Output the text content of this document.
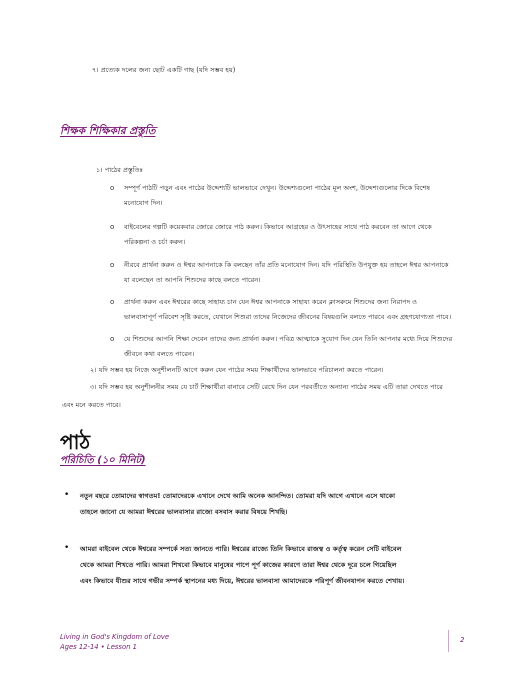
৭। প্রত্যেক দলের জন্য ছোট একটি গাছ (যদি সম্ভব হয়)
শিক্ষক শিক্ষিকার প্রস্তুতি
১। পাঠের প্রস্তুতিঃ
o সম্পূর্ণ পাঠটি পড়ুন এবং পাঠের উদ্দেশ্যটি ভালভাবে দেখুন। উদ্দেশ্যগুলো পাঠের মূল অংশ, উদ্দেশ্যগুলোর দিকে বিশেষ
মনোযোগ দিন।
o বাইবেলের গল্পটি কয়েকবার জোরে জোরে পাঠ করুন। কিভাবে আগ্রহের ও উৎসাহের সাথে পাঠ করবেন তা আগে থেকে
পরিকল্পনা ও চর্চা করুন।
o নীরবে প্রার্থনা করুন ও ঈশ্বর আপনাকে কি বলছেন তাঁর প্রতি মনোযোগ দিন। যদি পরিস্থিতি উপযুক্ত হয় তাহলে ঈশ্বর আপনাকে
যা বলেছেন তা আপনি শিশুদের কাছে বলতে পারেন।
o প্রার্থনা করুন এবং ঈশ্বরের কাছে সাহায্য চান যেন ঈশ্বর আপনাকে সাহায্য করেন ক্লাসরুমে শিশুদের জন্য নিরাপদ ও
ভালবাসাপূর্ণ পরিবেশ সৃষ্টি করতে, যেখানে শিশুরা তাদের নিজেদের জীবনের বিষয়গুলি বলতে পারবে এবং গ্রহণযোগ্যতা পাবে।
o যে শিশুদের আপনি শিক্ষা দেবেন তাদের জন্য প্রার্থনা করুন। পবিত্র আত্মাকে সুযোগ দিন যেন তিনি আপনার মধ্যে দিয়ে শিশুদের
জীবনে কথা বলতে পারেন।
২। যদি সম্ভব হয় নিজে অনুশীলনটি আগে করুন যেন পাঠের সময় শিক্ষার্থীদের ভালভাবে পরিচালনা করতে পারেন।
৩। যদি সম্ভব হয় অনুশীলনীর সময় যে চার্ট শিক্ষার্থীরা বানাবে সেটি রেখে দিন যেন পরবর্তীতে অন্যান্য পাঠের সময় এটি তারা দেখতে পারে
এবং মনে করতে পারে।
পাঠ
পরিচিতি (১০ মিনিট)
• নতুন বছরে তোমাদের স্বাগতম! তোমাদেরকে এখানে দেখে আমি অনেক আনন্দিত। তোমরা যদি আগে এখানে এসে থাকো
তাহলে জানো যে আমরা ঈশ্বরের ভালবাসার রাজ্যে বসবাস করার বিষয়ে শিখছি।
• আমরা বাইবেল থেকে ঈশ্বরের সম্পর্কে সত্য জানতে পারি। ঈশ্বরের রাজ্যে তিনি কিভাবে রাজত্ব ও কর্তৃত্ব করেন সেটি বাইবেল
থেকে আমরা শিখতে পারি। আমরা শিখবো কিভাবে মানুষের পাপে পূর্ণ কাজের কারণে তারা ঈশ্বর থেকে দূরে চলে গিয়েছিল
এবং কিভাবে যীশুর সাথে গভীর সম্পর্ক স্থাপনের মধ্য দিয়ে, ঈশ্বরের ভালবাসা আমাদেরকে পরিপূর্ণ জীবনযাপন করতে শেখায়।
Living in God's Kingdom of Love
Ages 12-14 • Lesson 1
2
